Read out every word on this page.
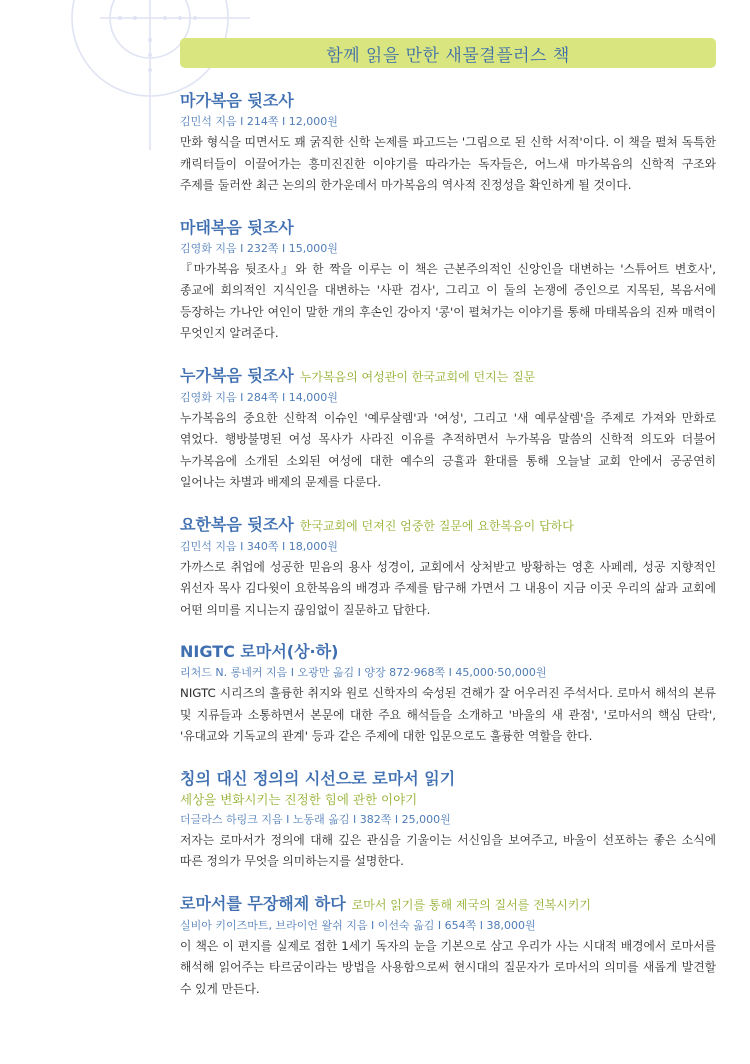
함께 읽을 만한 새물결플러스 책
마가복음 뒷조사
김민석 지음 I 214쪽 I 12,000원
만화 형식을 띠면서도 꽤 굵직한 신학 논제를 파고드는 '그림으로 된 신학 서적'이다. 이 책을 펼쳐 독특한 캐릭터들이 이끌어가는 흥미진진한 이야기를 따라가는 독자들은, 어느새 마가복음의 신학적 구조와 주제를 둘러싼 최근 논의의 한가운데서 마가복음의 역사적 진정성을 확인하게 될 것이다.
마태복음 뒷조사
김영화 지음 I 232쪽 I 15,000원
『마가복음 뒷조사』와 한 짝을 이루는 이 책은 근본주의적인 신앙인을 대변하는 '스튜어트 변호사', 종교에 회의적인 지식인을 대변하는 '사판 검사', 그리고 이 둘의 논쟁에 증인으로 지목된, 복음서에 등장하는 가나안 여인이 말한 개의 후손인 강아지 '콩'이 펼쳐가는 이야기를 통해 마태복음의 진짜 매력이 무엇인지 알려준다.
누가복음 뒷조사 누가복음의 여성관이 한국교회에 던지는 질문
김영화 지음 I 284쪽 I 14,000원
누가복음의 중요한 신학적 이슈인 '예루살렘'과 '여성', 그리고 '새 예루살렘'을 주제로 가져와 만화로 엮었다. 행방불명된 여성 목사가 사라진 이유를 추적하면서 누가복음 말씀의 신학적 의도와 더불어 누가복음에 소개된 소외된 여성에 대한 예수의 긍휼과 환대를 통해 오늘날 교회 안에서 공공연히 일어나는 차별과 배제의 문제를 다룬다.
요한복음 뒷조사 한국교회에 던져진 엄중한 질문에 요한복음이 답하다
김민석 지음 I 340쪽 I 18,000원
가까스로 취업에 성공한 믿음의 용사 성경이, 교회에서 상처받고 방황하는 영혼 사페레, 성공 지향적인 위선자 목사 김다윗이 요한복음의 배경과 주제를 탐구해 가면서 그 내용이 지금 이곳 우리의 삶과 교회에 어떤 의미를 지니는지 끊임없이 질문하고 답한다.
NIGTC 로마서(상·하)
리처드 N. 롱네커 지음 I 오광만 옮김 I 양장 872·968쪽 I 45,000·50,000원
NIGTC 시리즈의 훌륭한 취지와 원로 신학자의 숙성된 견해가 잘 어우러진 주석서다. 로마서 해석의 본류 및 지류들과 소통하면서 본문에 대한 주요 해석들을 소개하고 '바울의 새 관점', '로마서의 핵심 단락', '유대교와 기독교의 관계' 등과 같은 주제에 대한 입문으로도 훌륭한 역할을 한다.
칭의 대신 정의의 시선으로 로마서 읽기
세상을 변화시키는 진정한 힘에 관한 이야기
더글라스 하링크 지음 I 노동래 옮김 I 382쪽 I 25,000원
저자는 로마서가 정의에 대해 깊은 관심을 기울이는 서신임을 보여주고, 바울이 선포하는 좋은 소식에 따른 정의가 무엇을 의미하는지를 설명한다.
로마서를 무장해제 하다 로마서 읽기를 통해 제국의 질서를 전복시키기
실비아 키이즈마트, 브라이언 왈쉬 지음 I 이선숙 옮김 I 654쪽 I 38,000원
이 책은 이 편지를 실제로 접한 1세기 독자의 눈을 기본으로 삼고 우리가 사는 시대적 배경에서 로마서를 해석해 읽어주는 타르굼이라는 방법을 사용함으로써 현시대의 질문자가 로마서의 의미를 새롭게 발견할 수 있게 만든다.
